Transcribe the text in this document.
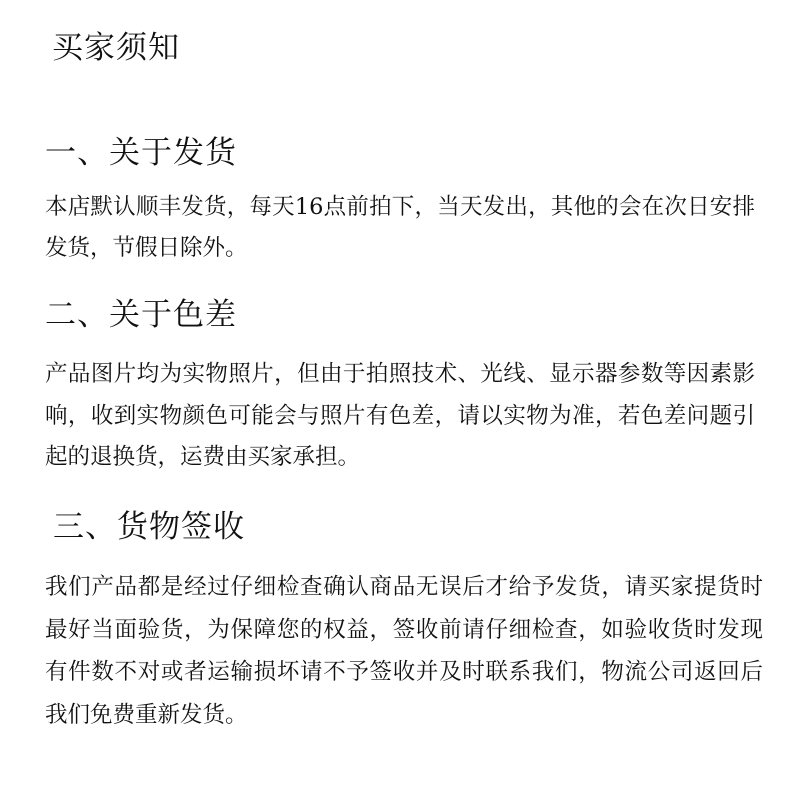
买家须知
一、关于发货

本店默认顺丰发货，每天16点前拍下，当天发出，其他的会在次日安排发货，节假日除外。

二、关于色差

产品图片均为实物照片，但由于拍照技术、光线、显示器参数等因素影响，收到实物颜色可能会与照片有色差，请以实物为准，若色差问题引起的退换货，运费由买家承担。

三、货物签收

我们产品都是经过仔细检查确认商品无误后才给予发货，请买家提货时最好当面验货，为保障您的权益，签收前请仔细检查，如验收货时发现有件数不对或者运输损坏请不予签收并及时联系我们，物流公司返回后我们免费重新发货。
